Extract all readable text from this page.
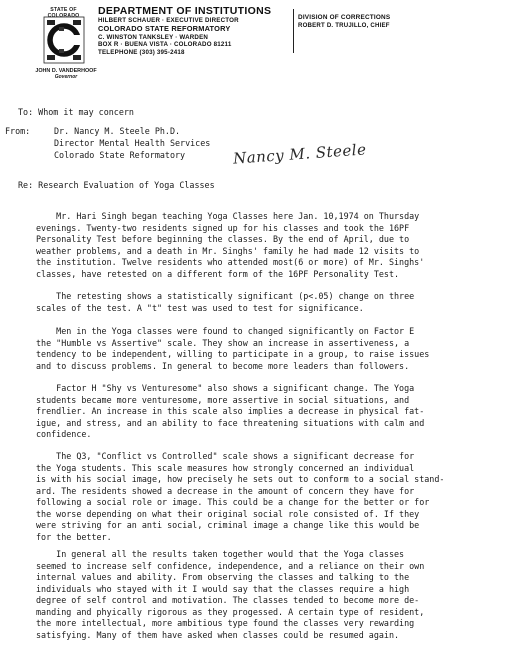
STATE OF COLORADO
JOHN D. VANDERHOOF
Governor
DEPARTMENT OF INSTITUTIONS
HILBERT SCHAUER · EXECUTIVE DIRECTOR
COLORADO STATE REFORMATORY
C. WINSTON TANKSLEY · WARDEN
BOX R · BUENA VISTA · COLORADO 81211
TELEPHONE (303) 395-2418
DIVISION OF CORRECTIONS
ROBERT D. TRUJILLO, CHIEF
To: Whom it may concern
From:	Dr. Nancy M. Steele Ph.D.
Director Mental Health Services
Colorado State Reformatory	Nancy M. Steele
Re: Research Evaluation of Yoga Classes
Mr. Hari Singh began teaching Yoga Classes here Jan. 10,1974 on Thursday
evenings. Twenty-two residents signed up for his classes and took the 16PF
Personality Test before beginning the classes. By the end of April, due to
weather problems, and a death in Mr. Singhs' family he had made 12 visits to
the institution. Twelve residents who attended most(6 or more) of Mr. Singhs'
classes, have retested on a different form of the 16PF Personality Test.
The retesting shows a statistically significant (p<.05) change on three
scales of the test. A "t" test was used to test for significance.
Men in the Yoga classes were found to changed significantly on Factor E
the "Humble vs Assertive" scale. They show an increase in assertiveness, a
tendency to be independent, willing to participate in a group, to raise issues
and to discuss problems. In general to become more leaders than followers.
Factor H "Shy vs Venturesome" also shows a significant change. The Yoga
students became more venturesome, more assertive in social situations, and
frendlier. An increase in this scale also implies a decrease in physical fat-
igue, and stress, and an ability to face threatening situations with calm and
confidence.
The Q3, "Conflict vs Controlled" scale shows a significant decrease for
the Yoga students. This scale measures how strongly concerned an individual
is with his social image, how precisely he sets out to conform to a social stand-
ard. The residents showed a decrease in the amount of concern they have for
following a social role or image. This could be a change for the better or for
the worse depending on what their original social role consisted of. If they
were striving for an anti social, criminal image a change like this would be
for the better.
In general all the results taken together would that the Yoga classes
seemed to increase self confidence, independence, and a reliance on their own
internal values and ability. From observing the classes and talking to the
individuals who stayed with it I would say that the classes require a high
degree of self control and motivation. The classes tended to become more de-
manding and phyically rigorous as they progessed. A certain type of resident,
the more intellectual, more ambitious type found the classes very rewarding
satisfying. Many of them have asked when classes could be resumed again.
